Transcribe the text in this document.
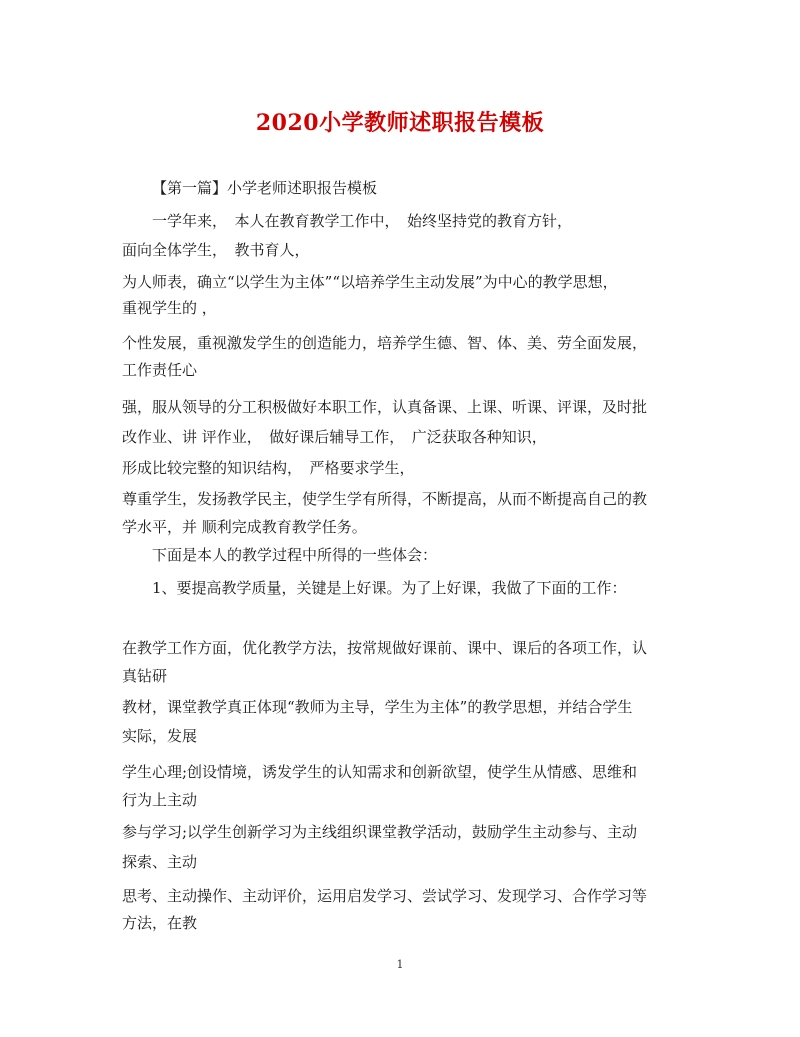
2020小学教师述职报告模板
【第一篇】小学老师述职报告模板
一学年来，　本人在教育教学工作中，　始终坚持党的教育方针，
面向全体学生，　教书育人，
为人师表，确立“以学生为主体”“以培养学生主动发展”为中心的教学思想，
重视学生的 ，
个性发展，重视激发学生的创造能力，培养学生德、智、体、美、劳全面发展，
工作责任心
强，服从领导的分工积极做好本职工作，认真备课、上课、听课、评课，及时批
改作业、讲 评作业，　做好课后辅导工作，　广泛获取各种知识，
形成比较完整的知识结构，　严格要求学生，
尊重学生，发扬教学民主，使学生学有所得，不断提高，从而不断提高自己的教
学水平，并 顺利完成教育教学任务。
下面是本人的教学过程中所得的一些体会：
1、要提高教学质量，关键是上好课。为了上好课，我做了下面的工作：
在教学工作方面，优化教学方法，按常规做好课前、课中、课后的各项工作，认
真钻研
教材，课堂教学真正体现“教师为主导，学生为主体”的教学思想，并结合学生
实际，发展
学生心理;创设情境，诱发学生的认知需求和创新欲望，使学生从情感、思维和
行为上主动
参与学习;以学生创新学习为主线组织课堂教学活动，鼓励学生主动参与、主动
探索、主动
思考、主动操作、主动评价，运用启发学习、尝试学习、发现学习、合作学习等
方法，在教
1
